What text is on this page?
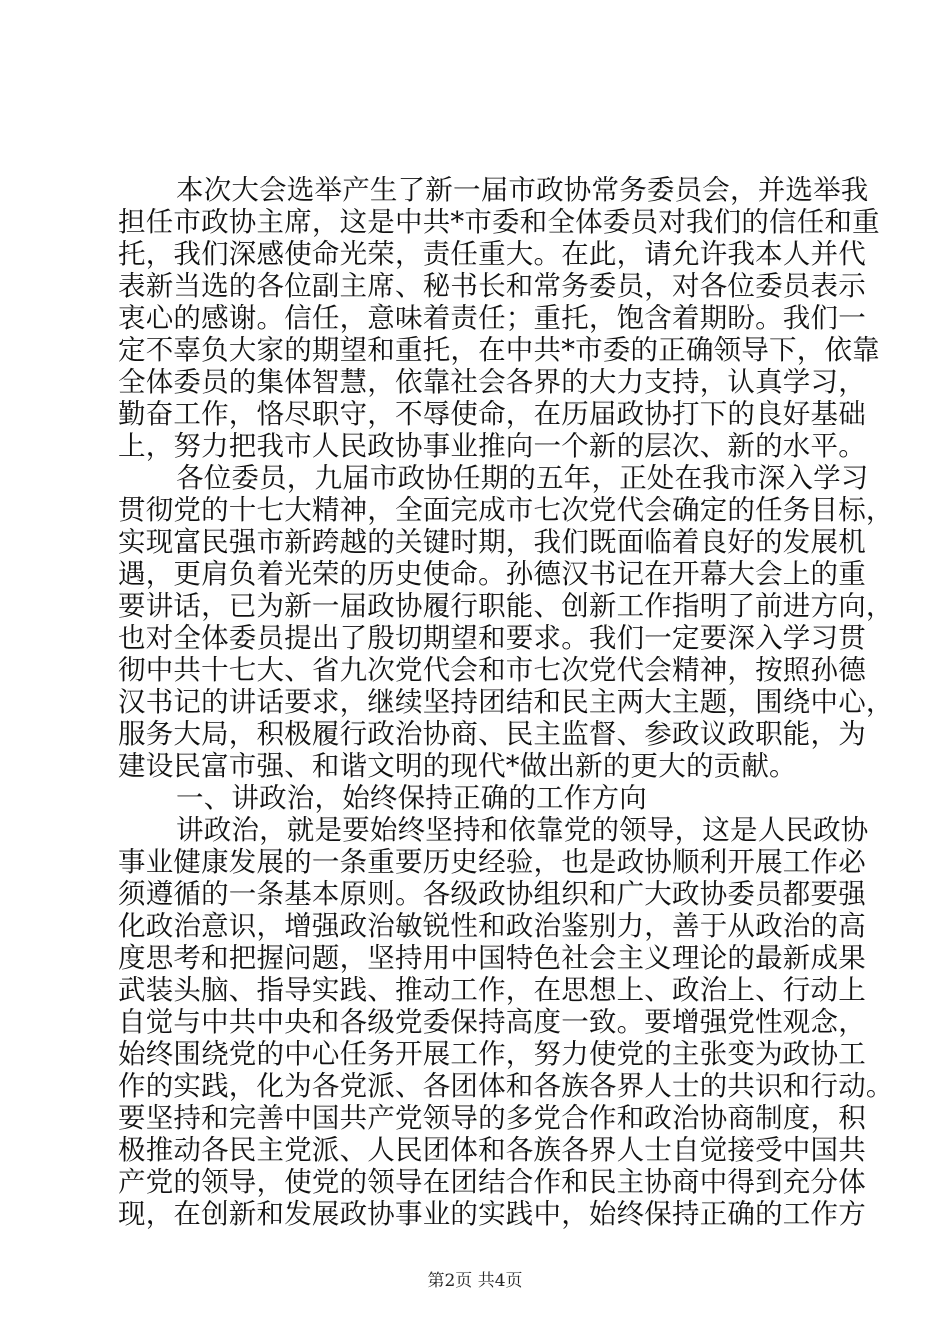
本次大会选举产生了新一届市政协常务委员会，并选举我
担任市政协主席，这是中共*市委和全体委员对我们的信任和重
托，我们深感使命光荣，责任重大。在此，请允许我本人并代
表新当选的各位副主席、秘书长和常务委员，对各位委员表示
衷心的感谢。信任，意味着责任；重托，饱含着期盼。我们一
定不辜负大家的期望和重托，在中共*市委的正确领导下，依靠
全体委员的集体智慧，依靠社会各界的大力支持，认真学习，
勤奋工作，恪尽职守，不辱使命，在历届政协打下的良好基础
上，努力把我市人民政协事业推向一个新的层次、新的水平。
各位委员，九届市政协任期的五年，正处在我市深入学习
贯彻党的十七大精神，全面完成市七次党代会确定的任务目标，
实现富民强市新跨越的关键时期，我们既面临着良好的发展机
遇，更肩负着光荣的历史使命。孙德汉书记在开幕大会上的重
要讲话，已为新一届政协履行职能、创新工作指明了前进方向，
也对全体委员提出了殷切期望和要求。我们一定要深入学习贯
彻中共十七大、省九次党代会和市七次党代会精神，按照孙德
汉书记的讲话要求，继续坚持团结和民主两大主题，围绕中心，
服务大局，积极履行政治协商、民主监督、参政议政职能，为
建设民富市强、和谐文明的现代*做出新的更大的贡献。
一、讲政治，始终保持正确的工作方向
讲政治，就是要始终坚持和依靠党的领导，这是人民政协
事业健康发展的一条重要历史经验，也是政协顺利开展工作必
须遵循的一条基本原则。各级政协组织和广大政协委员都要强
化政治意识，增强政治敏锐性和政治鉴别力，善于从政治的高
度思考和把握问题，坚持用中国特色社会主义理论的最新成果
武装头脑、指导实践、推动工作，在思想上、政治上、行动上
自觉与中共中央和各级党委保持高度一致。要增强党性观念，
始终围绕党的中心任务开展工作，努力使党的主张变为政协工
作的实践，化为各党派、各团体和各族各界人士的共识和行动。
要坚持和完善中国共产党领导的多党合作和政治协商制度，积
极推动各民主党派、人民团体和各族各界人士自觉接受中国共
产党的领导，使党的领导在团结合作和民主协商中得到充分体
现，在创新和发展政协事业的实践中，始终保持正确的工作方
第2页 共4页
